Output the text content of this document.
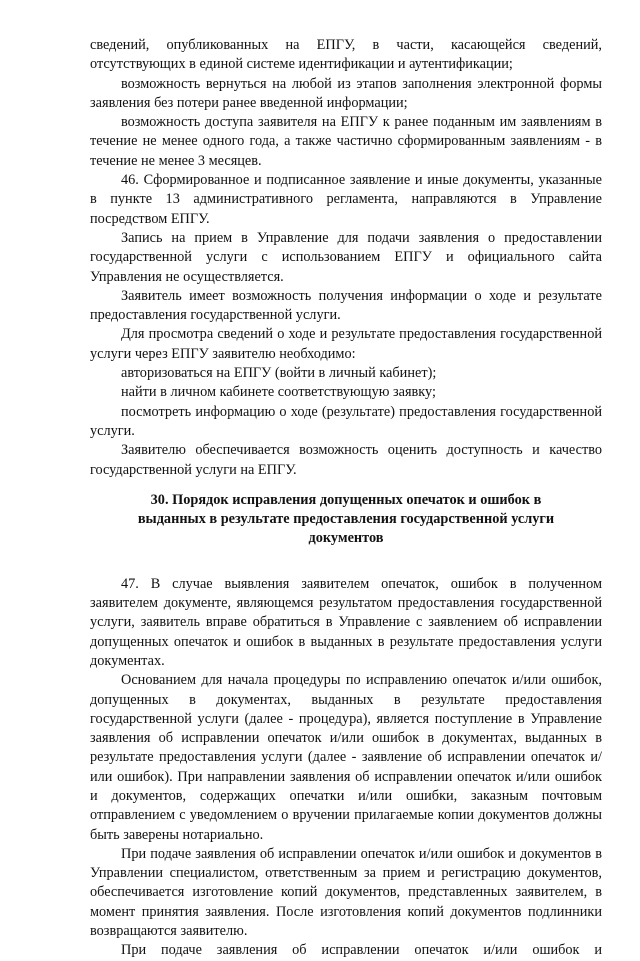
сведений, опубликованных на ЕПГУ, в части, касающейся сведений, отсутствующих в единой системе идентификации и аутентификации;

возможность вернуться на любой из этапов заполнения электронной формы заявления без потери ранее введенной информации;

возможность доступа заявителя на ЕПГУ к ранее поданным им заявлениям в течение не менее одного года, а также частично сформированным заявлениям - в течение не менее 3 месяцев.

46. Сформированное и подписанное заявление и иные документы, указанные в пункте 13 административного регламента, направляются в Управление посредством ЕПГУ.

Запись на прием в Управление для подачи заявления о предоставлении государственной услуги с использованием ЕПГУ и официального сайта Управления не осуществляется.

Заявитель имеет возможность получения информации о ходе и результате предоставления государственной услуги.

Для просмотра сведений о ходе и результате предоставления государственной услуги через ЕПГУ заявителю необходимо:

авторизоваться на ЕПГУ (войти в личный кабинет);

найти в личном кабинете соответствующую заявку;

посмотреть информацию о ходе (результате) предоставления государственной услуги.

Заявителю обеспечивается возможность оценить доступность и качество государственной услуги на ЕПГУ.

30. Порядок исправления допущенных опечаток и ошибок в выданных в результате предоставления государственной услуги документов

47. В случае выявления заявителем опечаток, ошибок в полученном заявителем документе, являющемся результатом предоставления государственной услуги, заявитель вправе обратиться в Управление с заявлением об исправлении допущенных опечаток и ошибок в выданных в результате предоставления услуги документах.

Основанием для начала процедуры по исправлению опечаток и/или ошибок, допущенных в документах, выданных в результате предоставления государственной услуги (далее - процедура), является поступление в Управление заявления об исправлении опечаток и/или ошибок в документах, выданных в результате предоставления услуги (далее - заявление об исправлении опечаток и/или ошибок). При направлении заявления об исправлении опечаток и/или ошибок и документов, содержащих опечатки и/или ошибки, заказным почтовым отправлением с уведомлением о вручении прилагаемые копии документов должны быть заверены нотариально.

При подаче заявления об исправлении опечаток и/или ошибок и документов в Управлении специалистом, ответственным за прием и регистрацию документов, обеспечивается изготовление копий документов, представленных заявителем, в момент принятия заявления. После изготовления копий документов подлинники возвращаются заявителю.

При подаче заявления об исправлении опечаток и/или ошибок и
